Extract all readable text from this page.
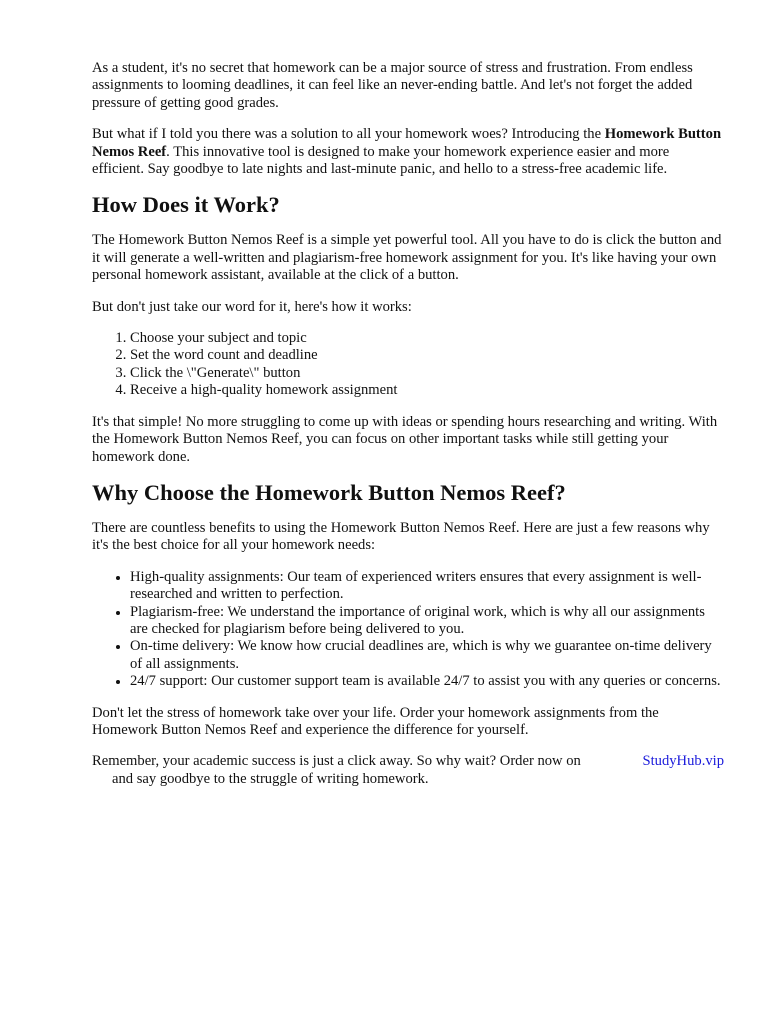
As a student, it's no secret that homework can be a major source of stress and frustration. From endless assignments to looming deadlines, it can feel like an never-ending battle. And let's not forget the added pressure of getting good grades.

But what if I told you there was a solution to all your homework woes? Introducing the Homework Button Nemos Reef. This innovative tool is designed to make your homework experience easier and more efficient. Say goodbye to late nights and last-minute panic, and hello to a stress-free academic life.

How Does it Work?

The Homework Button Nemos Reef is a simple yet powerful tool. All you have to do is click the button and it will generate a well-written and plagiarism-free homework assignment for you. It's like having your own personal homework assistant, available at the click of a button.

But don't just take our word for it, here's how it works:

1. Choose your subject and topic
2. Set the word count and deadline
3. Click the \"Generate\" button
4. Receive a high-quality homework assignment

It's that simple! No more struggling to come up with ideas or spending hours researching and writing. With the Homework Button Nemos Reef, you can focus on other important tasks while still getting your homework done.

Why Choose the Homework Button Nemos Reef?

There are countless benefits to using the Homework Button Nemos Reef. Here are just a few reasons why it's the best choice for all your homework needs:

• High-quality assignments: Our team of experienced writers ensures that every assignment is well-researched and written to perfection.
• Plagiarism-free: We understand the importance of original work, which is why all our assignments are checked for plagiarism before being delivered to you.
• On-time delivery: We know how crucial deadlines are, which is why we guarantee on-time delivery of all assignments.
• 24/7 support: Our customer support team is available 24/7 to assist you with any queries or concerns.

Don't let the stress of homework take over your life. Order your homework assignments from the Homework Button Nemos Reef and experience the difference for yourself.

Remember, your academic success is just a click away. So why wait? Order now on	StudyHub.vip
and say goodbye to the struggle of writing homework.
